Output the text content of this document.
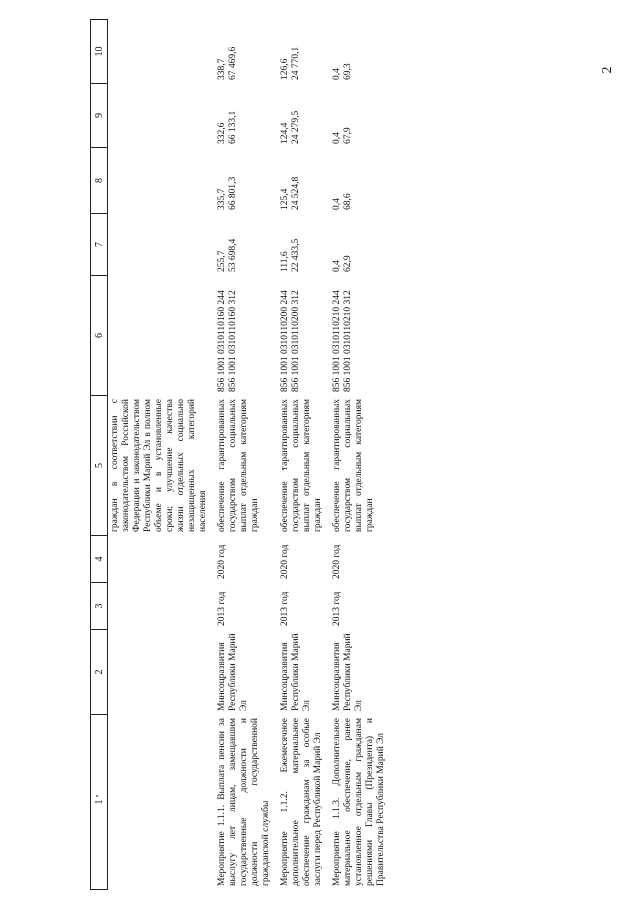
2
1	2	3	4	5	6	7	8	9	10
				граждан в соответствии с законодательством Российской Федерации и законодательством Республики Марий Эл в полном объеме и в установленные сроки; улучшение качества жизни отдельных социально незащищенных категорий населения					
Мероприятие 1.1.1. Выплата пенсии за выслугу лет лицам, замещавшим государственные должности и должности государственной гражданской службы	Минсоцразвития Республики Марий Эл	2013 год	2020 год	обеспечение гарантированных государством социальных выплат отдельным категориям граждан	856 1001 0310110160 244 856 1001 0310110160 312	255,7 53 698,4	335,7 66 801,3	332,6 66 133,1	338,7 67 469,6

Мероприятие 1.1.2. Ежемесячное дополнительное материальное обеспечение гражданам за особые заслуги перед Республикой Марий Эл	Минсоцразвития Республики Марий Эл	2013 год	2020 год	обеспечение гарантированных государством социальных выплат отдельным категориям граждан	856 1001 0310110200 244 856 1001 0310110200 312	111,6 22 433,5	125,4 24 524,8	124,4 24 279,5	126,6 24 770,1

Мероприятие 1.1.3. Дополнительное материальное обеспечение, ранее установленное отдельным гражданам решениями Главы (Президента) и Правительства Республики Марий Эл	Минсоцразвития Республики Марий Эл	2013 год	2020 год	обеспечение гарантированных государством социальных выплат отдельным категориям граждан	856 1001 0310110210 244 856 1001 0310110210 312	0,4 62,9	0,4 68,6	0,4 67,9	0,4 69,3
